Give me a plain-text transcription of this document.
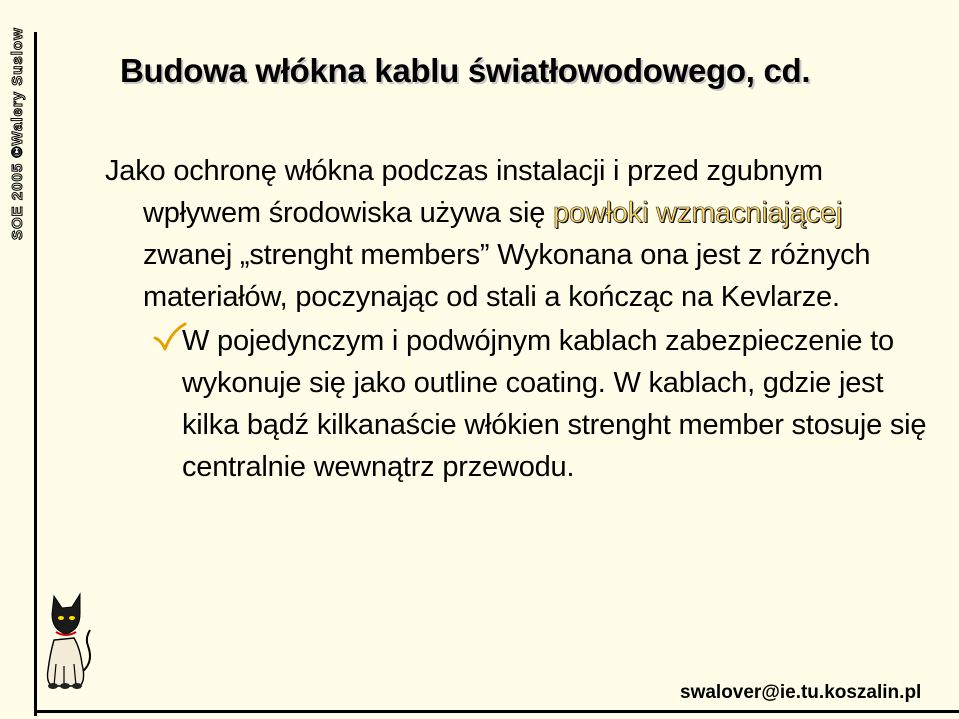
SOE 2005 ©Walery Suslow	Budowa włókna kablu światłowodowego, cd.

Jako ochronę włókna podczas instalacji i przed zgubnym wpływem środowiska używa się powłoki wzmacniającej zwanej „strenght members” Wykonana ona jest z różnych materiałów, poczynając od stali a kończąc na Kevlarze.

W pojedynczym i podwójnym kablach zabezpieczenie to wykonuje się jako outline coating. W kablach, gdzie jest kilka bądź kilkanaście włókien strenght member stosuje się centralnie wewnątrz przewodu.
swalover@ie.tu.koszalin.pl
